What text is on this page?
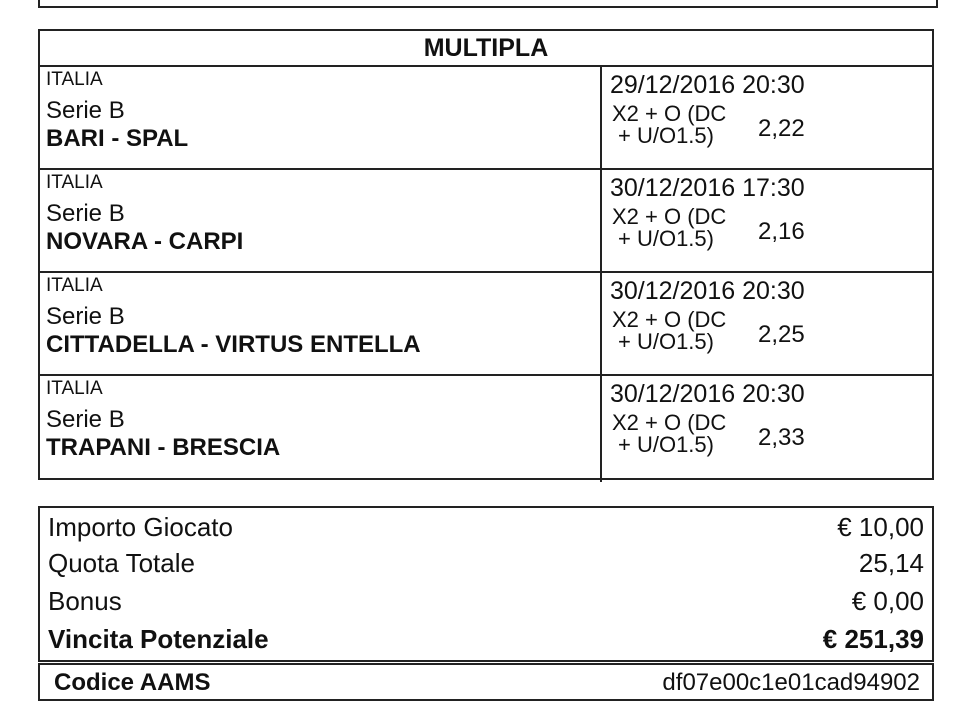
MULTIPLA
ITALIA
Serie B
BARI - SPAL
29/12/2016 20:30
X2 + O (DC
+ U/O1.5)	2,22
ITALIA
Serie B
NOVARA - CARPI
30/12/2016 17:30
X2 + O (DC
+ U/O1.5)	2,16
ITALIA
Serie B
CITTADELLA - VIRTUS ENTELLA
30/12/2016 20:30
X2 + O (DC
+ U/O1.5)	2,25
ITALIA
Serie B
TRAPANI - BRESCIA
30/12/2016 20:30
X2 + O (DC
+ U/O1.5)	2,33
Importo Giocato	€ 10,00
Quota Totale	25,14
Bonus	€ 0,00
Vincita Potenziale	€ 251,39
Codice AAMS	df07e00c1e01cad94902
